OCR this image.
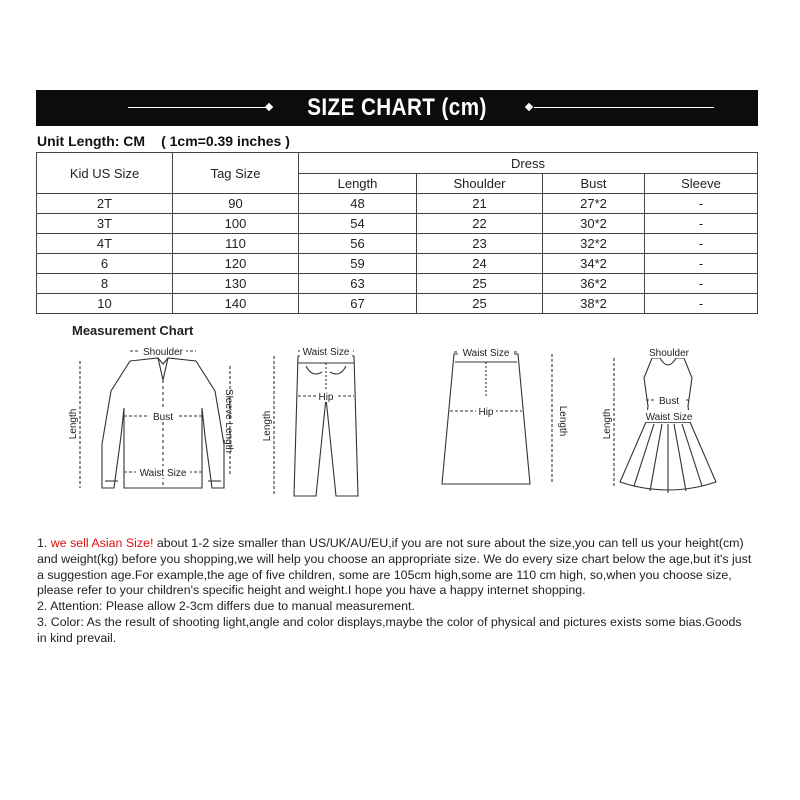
SIZE CHART (cm)
Unit Length: CM ( 1cm=0.39 inches )
Kid US Size	Tag Size	Dress			
		Length	Shoulder	Bust	Sleeve
2T	90	48	21	27*2	-
3T	100	54	22	30*2	-
4T	110	56	23	32*2	-
6	120	59	24	34*2	-
8	130	63	25	36*2	-
10	140	67	25	38*2	-
Measurement Chart
Shoulder
Bust
Waist Size
Length	Sleeve Length
Waist Size
Hip
Length
Waist Size
Hip	Length
Shoulder
Bust
Waist Size
Length

1. we sell Asian Size! about 1-2 size smaller than US/UK/AU/EU,if you are not sure about the size,you can tell us your height(cm) and weight(kg) before you shopping,we will help you choose an appropriate size. We do every size chart below the age,but it's just a suggestion age.For example,the age of five children, some are 105cm high,some are 110 cm high, so,when you choose size, please refer to your children's specific height and weight.I hope you have a happy internet shopping.

2. Attention: Please allow 2-3cm differs due to manual measurement.

3. Color: As the result of shooting light,angle and color displays,maybe the color of physical and pictures exists some bias.Goods in kind prevail.
